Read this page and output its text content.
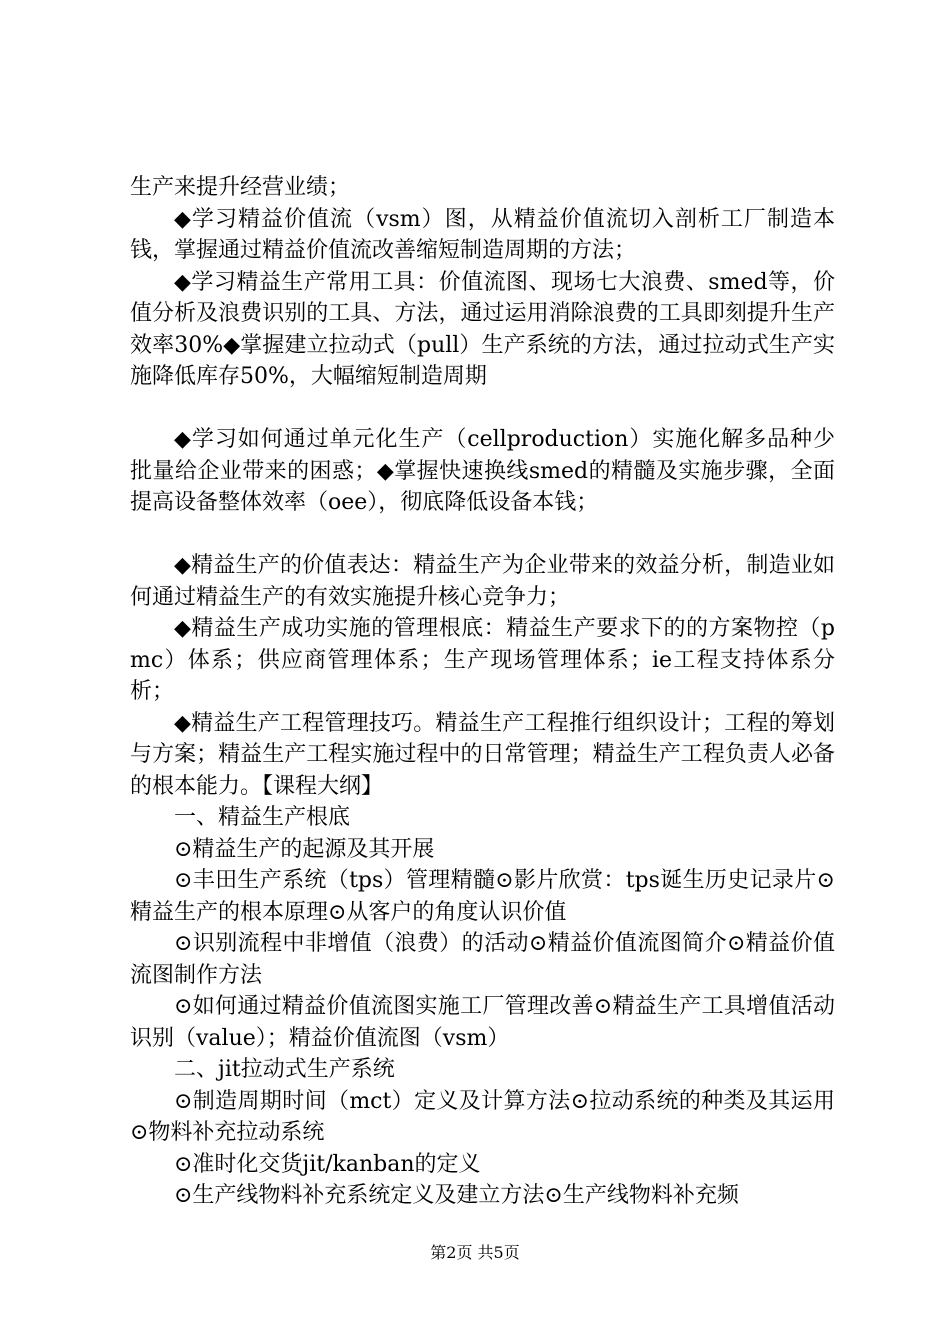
生产来提升经营业绩；

◆学习精益价值流（vsm）图，从精益价值流切入剖析工厂制造本钱，掌握通过精益价值流改善缩短制造周期的方法；

◆学习精益生产常用工具：价值流图、现场七大浪费、smed等，价值分析及浪费识别的工具、方法，通过运用消除浪费的工具即刻提升生产效率30%◆掌握建立拉动式（pull）生产系统的方法，通过拉动式生产实施降低库存50%，大幅缩短制造周期

◆学习如何通过单元化生产（cellproduction）实施化解多品种少批量给企业带来的困惑；◆掌握快速换线smed的精髓及实施步骤，全面提高设备整体效率（oee），彻底降低设备本钱；

◆精益生产的价值表达：精益生产为企业带来的效益分析，制造业如何通过精益生产的有效实施提升核心竞争力；

◆精益生产成功实施的管理根底：精益生产要求下的的方案物控（pmc）体系；供应商管理体系；生产现场管理体系；ie工程支持体系分析；

◆精益生产工程管理技巧。精益生产工程推行组织设计；工程的筹划与方案；精益生产工程实施过程中的日常管理；精益生产工程负责人必备的根本能力。【课程大纲】

一、精益生产根底

⊙精益生产的起源及其开展

⊙丰田生产系统（tps）管理精髓⊙影片欣赏：tps诞生历史记录片⊙精益生产的根本原理⊙从客户的角度认识价值

⊙识别流程中非增值（浪费）的活动⊙精益价值流图简介⊙精益价值流图制作方法

⊙如何通过精益价值流图实施工厂管理改善⊙精益生产工具增值活动识别（value）；精益价值流图（vsm）

二、jit拉动式生产系统

⊙制造周期时间（mct）定义及计算方法⊙拉动系统的种类及其运用⊙物料补充拉动系统

⊙准时化交货jit/kanban的定义

⊙生产线物料补充系统定义及建立方法⊙生产线物料补充频

第2页 共5页
